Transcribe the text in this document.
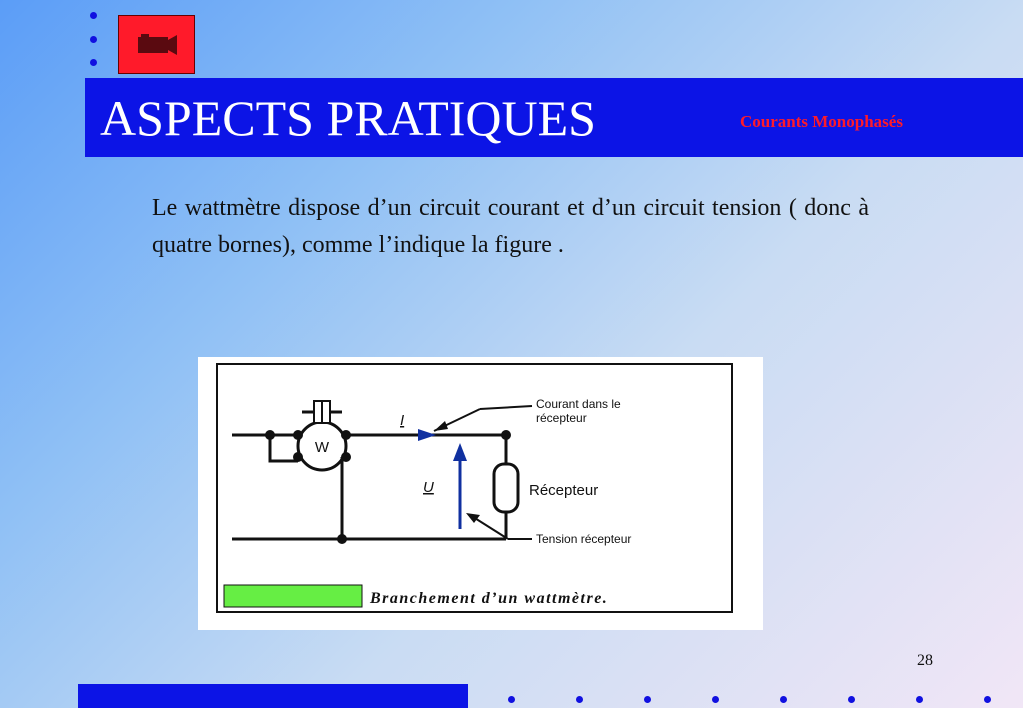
ASPECTS PRATIQUES	Courants Monophasés
Le wattmètre dispose d’un circuit courant et d’un circuit tension ( donc à quatre bornes), comme l’indique la figure .
W
I
U
Courant dans le
récepteur
Récepteur
Tension récepteur
Branchement d’un wattmètre.
28
